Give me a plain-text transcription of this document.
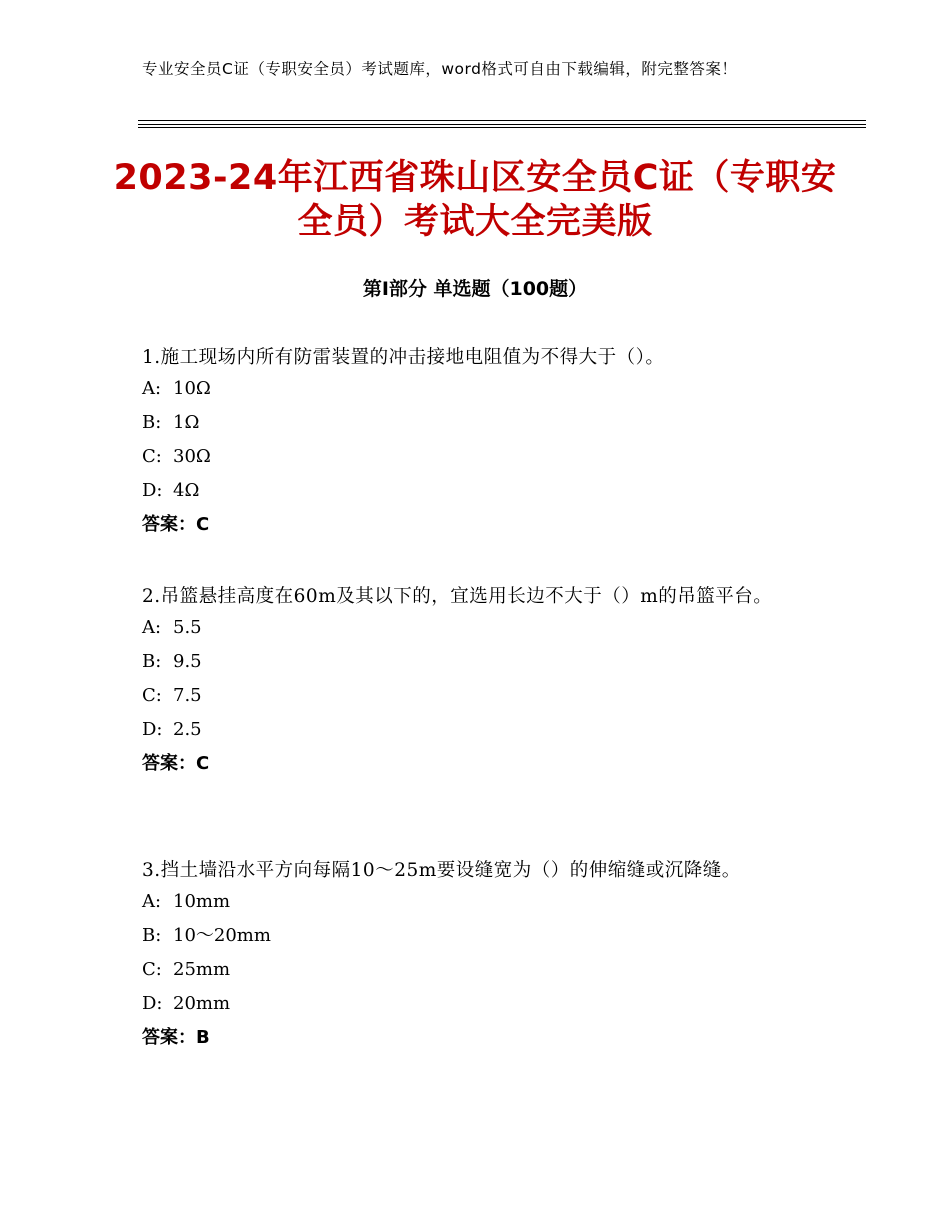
专业安全员C证（专职安全员）考试题库，word格式可自由下载编辑，附完整答案！
2023-24年江西省珠山区安全员C证（专职安
全员）考试大全完美版
第Ⅰ部分 单选题（100题）

1.施工现场内所有防雷装置的冲击接地电阻值为不得大于（）。

A: 10Ω

B: 1Ω

C: 30Ω

D: 4Ω

答案：C

2.吊篮悬挂高度在60m及其以下的，宜选用长边不大于（）m的吊篮平台。

A: 5.5

B: 9.5

C: 7.5

D: 2.5

答案：C

3.挡土墙沿水平方向每隔10～25m要设缝宽为（）的伸缩缝或沉降缝。

A: 10mm

B: 10～20mm

C: 25mm

D: 20mm

答案：B
